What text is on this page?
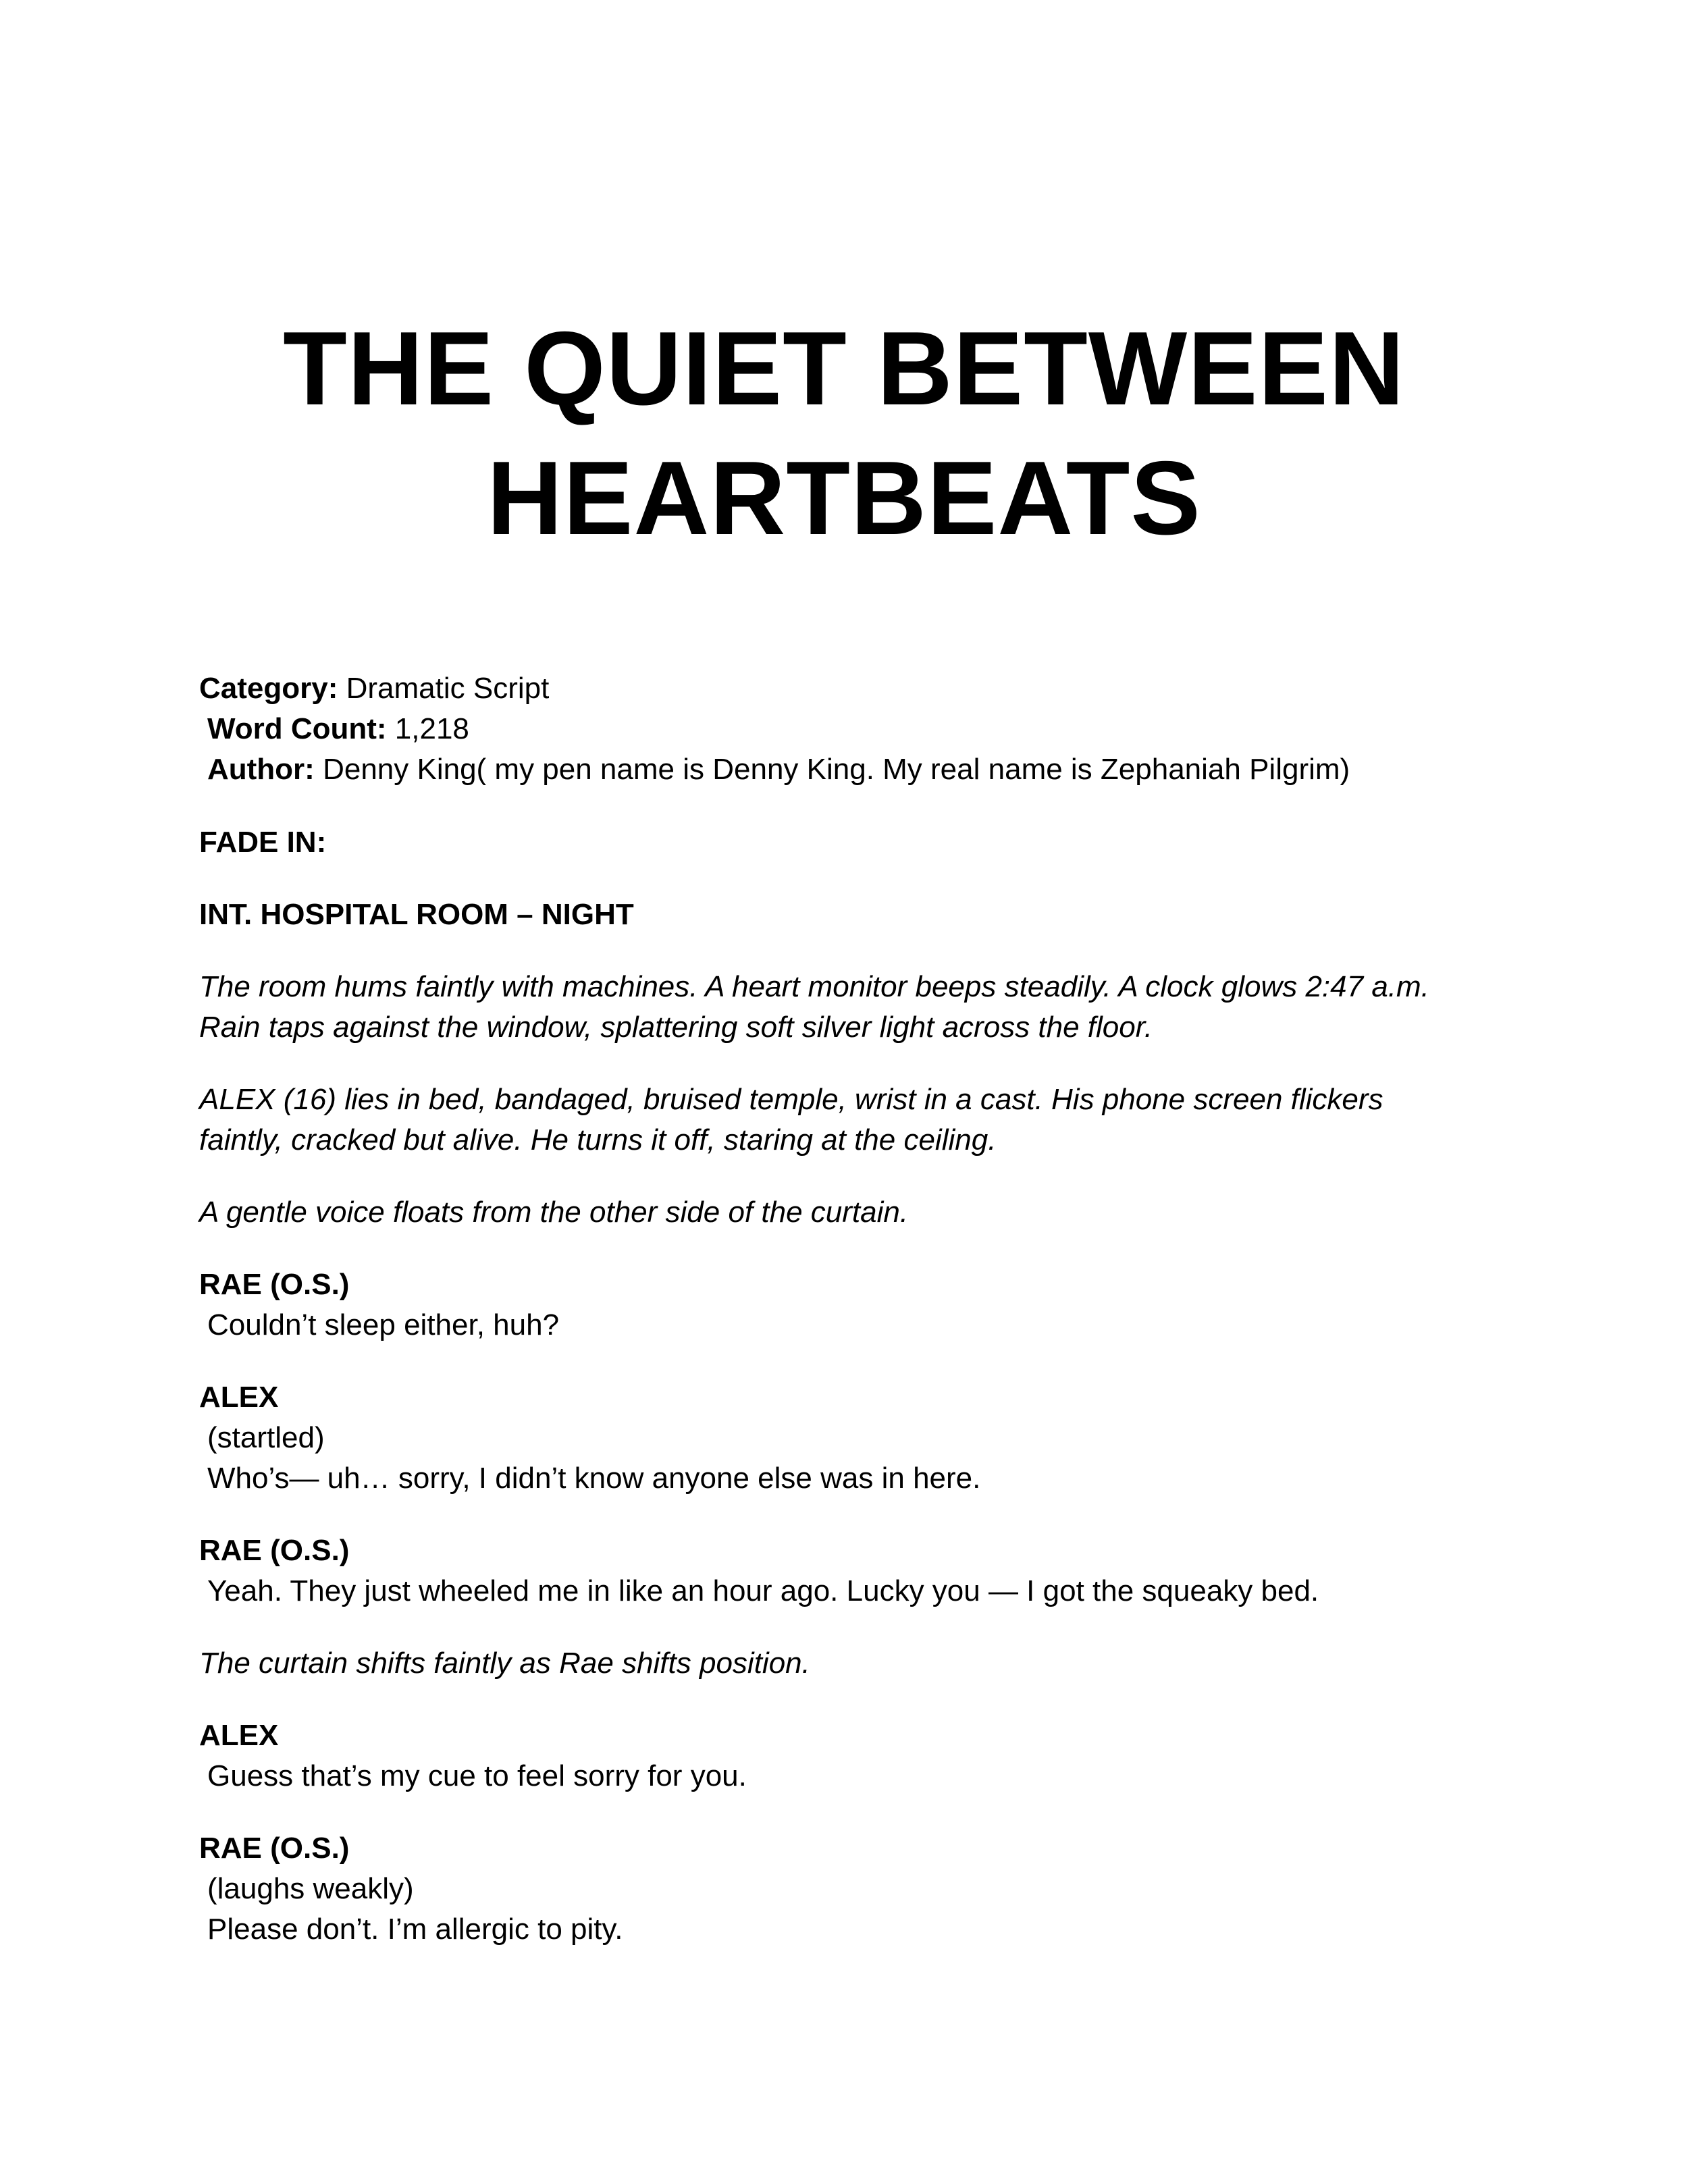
THE QUIET BETWEEN
HEARTBEATS
Category: Dramatic Script
Word Count: 1,218
Author: Denny King( my pen name is Denny King. My real name is Zephaniah Pilgrim)
FADE IN:
INT. HOSPITAL ROOM – NIGHT
The room hums faintly with machines. A heart monitor beeps steadily. A clock glows 2:47 a.m.
Rain taps against the window, splattering soft silver light across the floor.
ALEX (16) lies in bed, bandaged, bruised temple, wrist in a cast. His phone screen flickers
faintly, cracked but alive. He turns it off, staring at the ceiling.
A gentle voice floats from the other side of the curtain.
RAE (O.S.)
Couldn’t sleep either, huh?
ALEX
(startled)
Who’s— uh… sorry, I didn’t know anyone else was in here.
RAE (O.S.)
Yeah. They just wheeled me in like an hour ago. Lucky you — I got the squeaky bed.
The curtain shifts faintly as Rae shifts position.
ALEX
Guess that’s my cue to feel sorry for you.
RAE (O.S.)
(laughs weakly)
Please don’t. I’m allergic to pity.
